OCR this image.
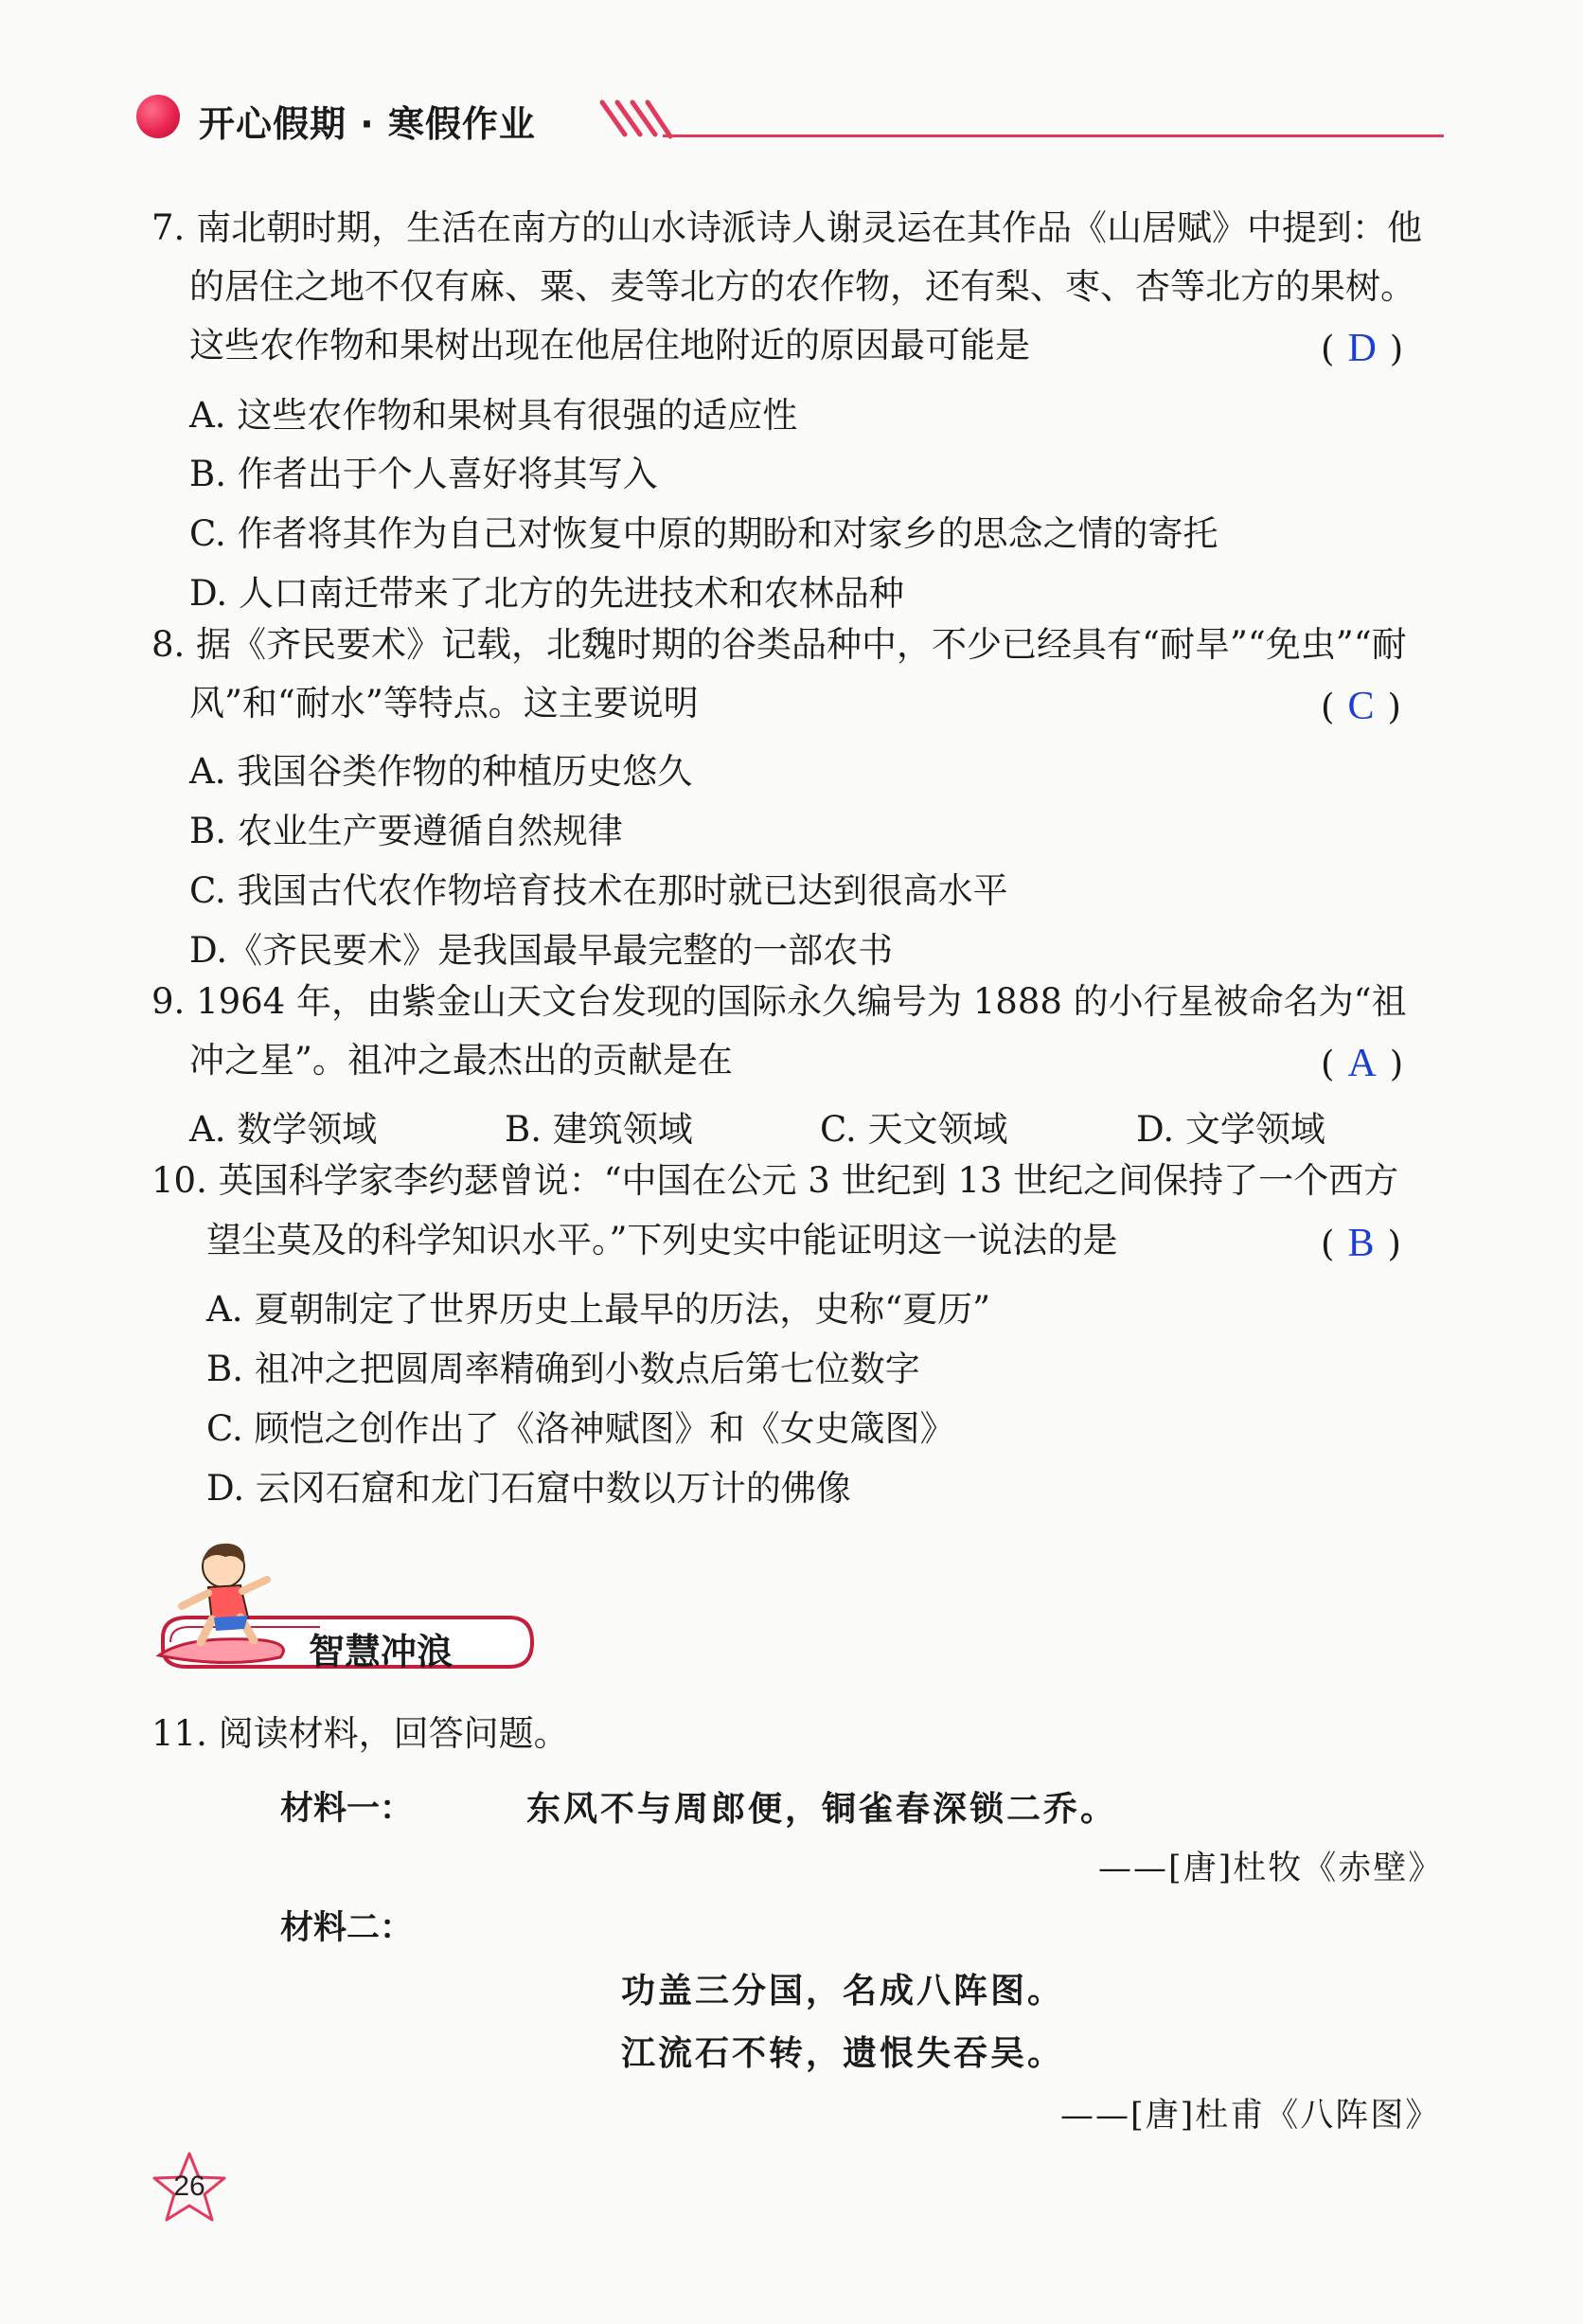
开心假期 · 寒假作业
7. 南北朝时期，生活在南方的山水诗派诗人谢灵运在其作品《山居赋》中提到：他
的居住之地不仅有麻、粟、麦等北方的农作物，还有梨、枣、杏等北方的果树。
这些农作物和果树出现在他居住地附近的原因最可能是	( D )
A. 这些农作物和果树具有很强的适应性
B. 作者出于个人喜好将其写入
C. 作者将其作为自己对恢复中原的期盼和对家乡的思念之情的寄托
D. 人口南迁带来了北方的先进技术和农林品种
8. 据《齐民要术》记载，北魏时期的谷类品种中，不少已经具有“耐旱”“免虫”“耐
风”和“耐水”等特点。这主要说明	( C )
A. 我国谷类作物的种植历史悠久
B. 农业生产要遵循自然规律
C. 我国古代农作物培育技术在那时就已达到很高水平
D.《齐民要术》是我国最早最完整的一部农书
9. 1964 年，由紫金山天文台发现的国际永久编号为 1888 的小行星被命名为“祖
冲之星”。祖冲之最杰出的贡献是在	( A )
A. 数学领域	B. 建筑领域	C. 天文领域	D. 文学领域
10. 英国科学家李约瑟曾说：“中国在公元 3 世纪到 13 世纪之间保持了一个西方
望尘莫及的科学知识水平。”下列史实中能证明这一说法的是	( B )
A. 夏朝制定了世界历史上最早的历法，史称“夏历”
B. 祖冲之把圆周率精确到小数点后第七位数字
C. 顾恺之创作出了《洛神赋图》和《女史箴图》
D. 云冈石窟和龙门石窟中数以万计的佛像
智慧冲浪
11. 阅读材料，回答问题。
材料一：	东风不与周郎便，铜雀春深锁二乔。
——[唐]杜牧《赤壁》
材料二：
功盖三分国，名成八阵图。
江流石不转，遗恨失吞吴。
——[唐]杜甫《八阵图》
26
